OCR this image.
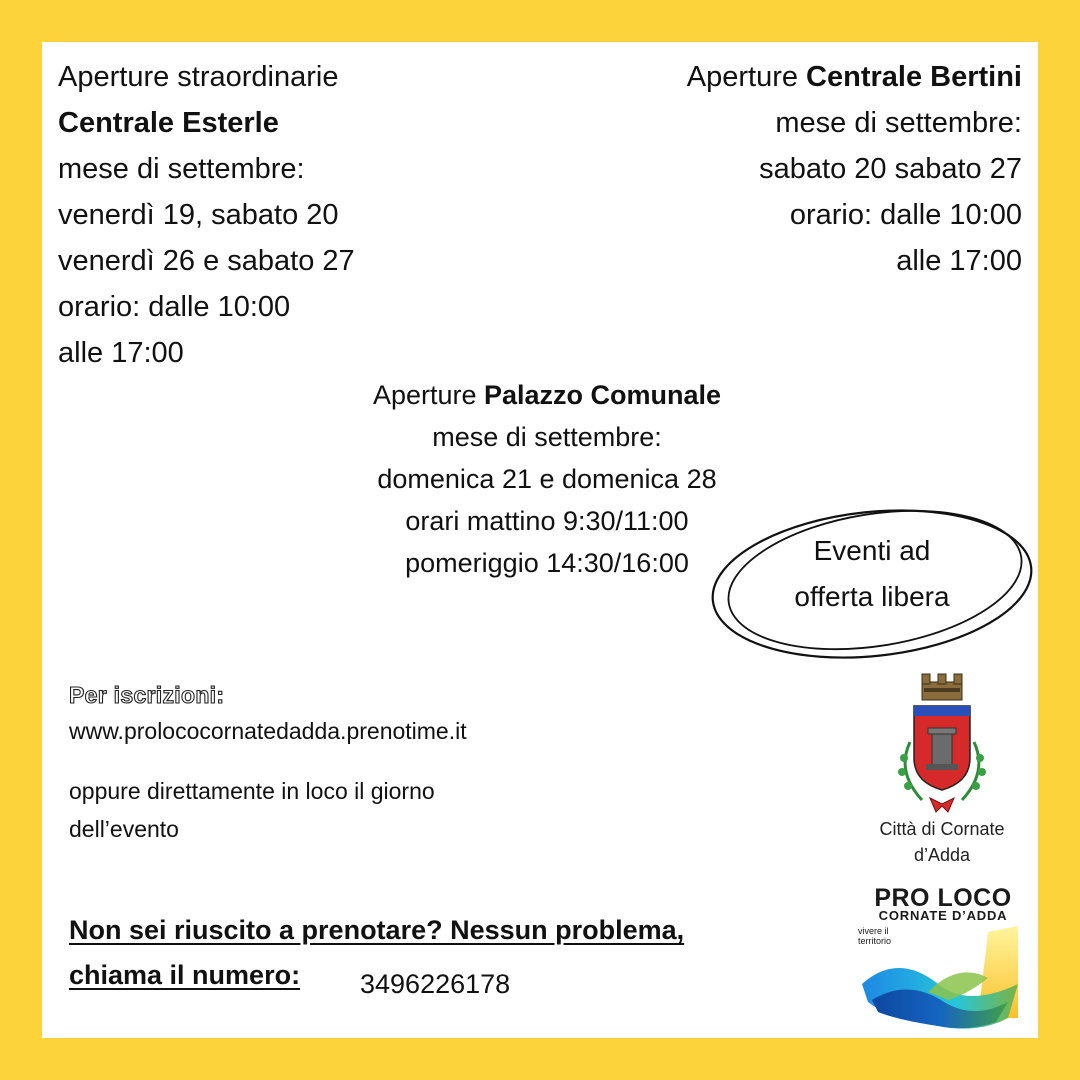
Aperture straordinarie
Centrale Esterle
mese di settembre:
venerdì 19, sabato 20
venerdì 26 e sabato 27
orario: dalle 10:00
alle 17:00
Aperture Centrale Bertini
mese di settembre:
sabato 20 sabato 27
orario: dalle 10:00
alle 17:00
Aperture Palazzo Comunale
mese di settembre:
domenica 21 e domenica 28
orari mattino 9:30/11:00
pomeriggio 14:30/16:00	Eventi ad
offerta libera
Per iscrizioni:
www.prolococornatedadda.prenotime.it
oppure direttamente in loco il giorno
dell’evento
Non sei riuscito a prenotare? Nessun problema,
chiama il numero:	3496226178
Città di Cornate
d’Adda
PRO LOCO
CORNATE D’ADDA
vivere il
territorio
